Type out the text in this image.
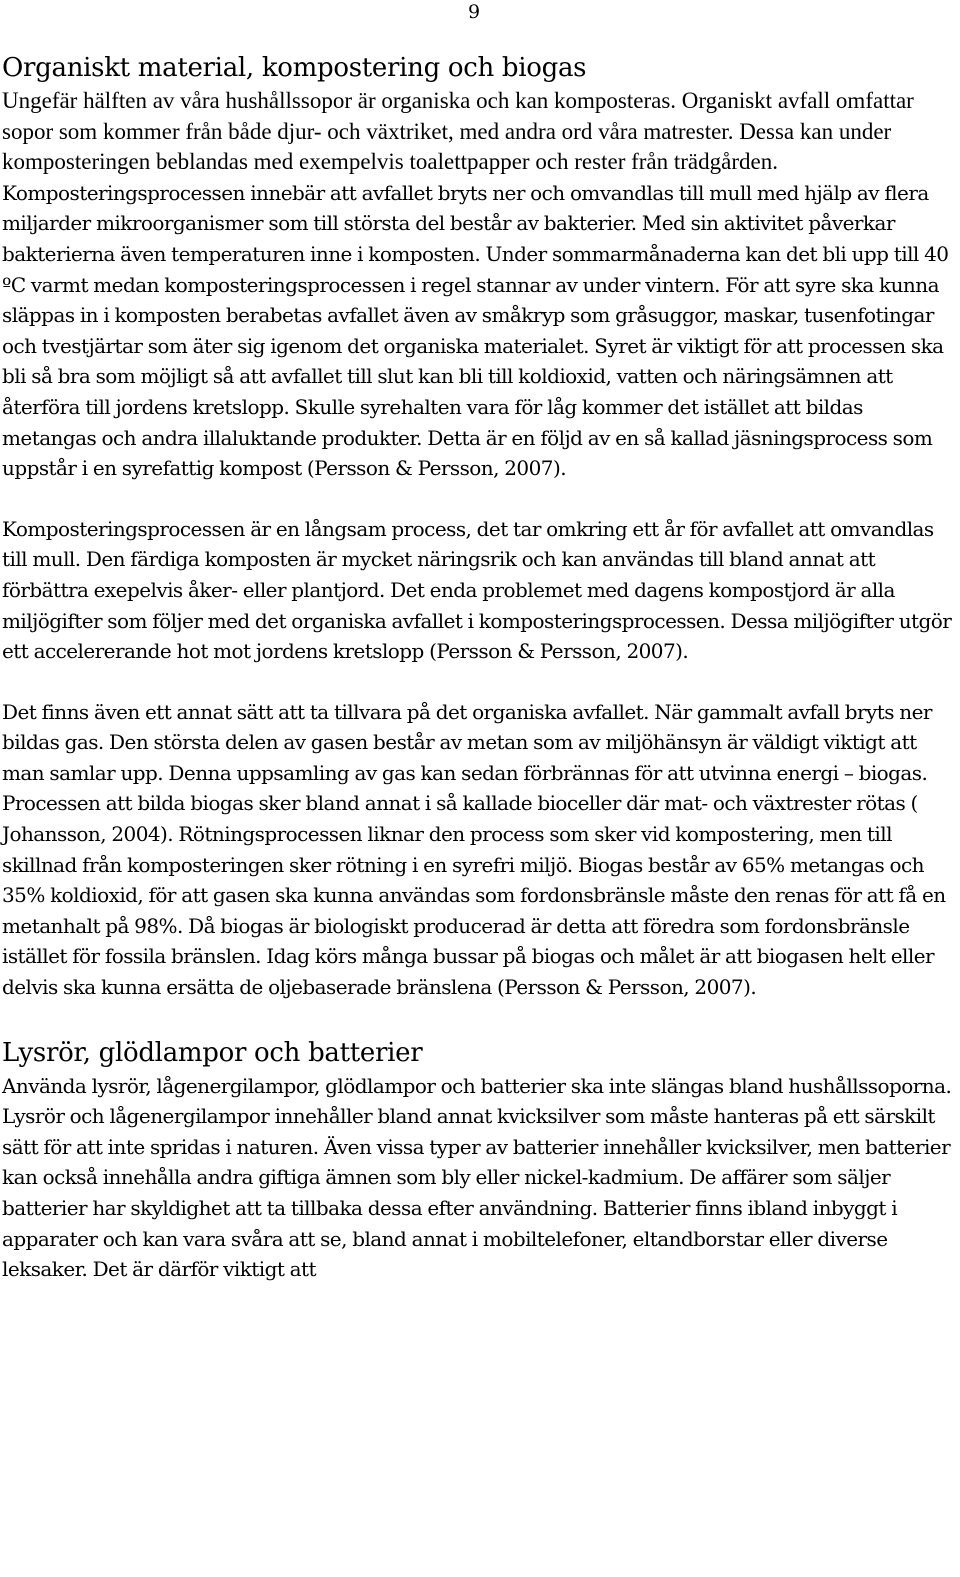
9
Organiskt material, kompostering och biogas

Ungefär hälften av våra hushållssopor är organiska och kan komposteras. Organiskt avfall omfattar sopor som kommer från både djur- och växtriket, med andra ord våra matrester. Dessa kan under komposteringen beblandas med exempelvis toalettpapper och rester från trädgården.

Komposteringsprocessen innebär att avfallet bryts ner och omvandlas till mull med hjälp av flera miljarder mikroorganismer som till största del består av bakterier. Med sin aktivitet påverkar bakterierna även temperaturen inne i komposten. Under sommarmånaderna kan det bli upp till 40 ºC varmt medan komposteringsprocessen i regel stannar av under vintern. För att syre ska kunna släppas in i komposten berabetas avfallet även av småkryp som gråsuggor, maskar, tusenfotingar och tvestjärtar som äter sig igenom det organiska materialet. Syret är viktigt för att processen ska bli så bra som möjligt så att avfallet till slut kan bli till koldioxid, vatten och näringsämnen att återföra till jordens kretslopp. Skulle syrehalten vara för låg kommer det istället att bildas metangas och andra illaluktande produkter. Detta är en följd av en så kallad jäsningsprocess som uppstår i en syrefattig kompost (Persson & Persson, 2007).

Komposteringsprocessen är en långsam process, det tar omkring ett år för avfallet att omvandlas till mull. Den färdiga komposten är mycket näringsrik och kan användas till bland annat att förbättra exepelvis åker- eller plantjord. Det enda problemet med dagens kompostjord är alla miljögifter som följer med det organiska avfallet i komposteringsprocessen. Dessa miljögifter utgör ett accelererande hot mot jordens kretslopp (Persson & Persson, 2007).

Det finns även ett annat sätt att ta tillvara på det organiska avfallet. När gammalt avfall bryts ner bildas gas. Den största delen av gasen består av metan som av miljöhänsyn är väldigt viktigt att man samlar upp. Denna uppsamling av gas kan sedan förbrännas för att utvinna energi – biogas. Processen att bilda biogas sker bland annat i så kallade bioceller där mat- och växtrester rötas ( Johansson, 2004). Rötningsprocessen liknar den process som sker vid kompostering, men till skillnad från komposteringen sker rötning i en syrefri miljö. Biogas består av 65% metangas och 35% koldioxid, för att gasen ska kunna användas som fordonsbränsle måste den renas för att få en metanhalt på 98%. Då biogas är biologiskt producerad är detta att föredra som fordonsbränsle istället för fossila bränslen. Idag körs många bussar på biogas och målet är att biogasen helt eller delvis ska kunna ersätta de oljebaserade bränslena (Persson & Persson, 2007).

Lysrör, glödlampor och batterier

Använda lysrör, lågenergilampor, glödlampor och batterier ska inte slängas bland hushållssoporna. Lysrör och lågenergilampor innehåller bland annat kvicksilver som måste hanteras på ett särskilt sätt för att inte spridas i naturen. Även vissa typer av batterier innehåller kvicksilver, men batterier kan också innehålla andra giftiga ämnen som bly eller nickel-kadmium. De affärer som säljer batterier har skyldighet att ta tillbaka dessa efter användning. Batterier finns ibland inbyggt i apparater och kan vara svåra att se, bland annat i mobiltelefoner, eltandborstar eller diverse leksaker. Det är därför viktigt att
